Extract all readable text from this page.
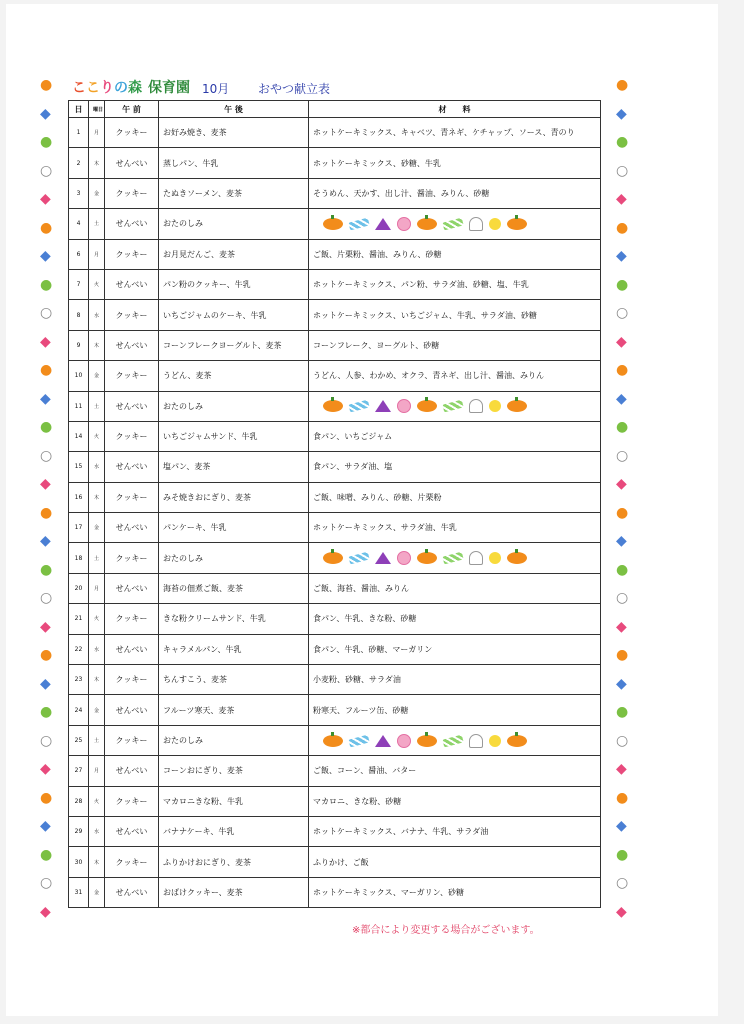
ここりの森 保育園 10月 おやつ献立表
日	曜日	午 前	午 後	材　　料
1	月	クッキー	お好み焼き、麦茶	ホットケーキミックス、キャベツ、青ネギ、ケチャップ、ソース、青のり
2	木	せんべい	蒸しパン、牛乳	ホットケーキミックス、砂糖、牛乳
3	金	クッキー	たぬきソーメン、麦茶	そうめん、天かす、出し汁、醤油、みりん、砂糖
4	土	せんべい	おたのしみ	

6	月	クッキー	お月見だんご、麦茶	ご飯、片栗粉、醤油、みりん、砂糖
7	火	せんべい	パン粉のクッキー、牛乳	ホットケーキミックス、パン粉、サラダ油、砂糖、塩、牛乳
8	水	クッキー	いちごジャムのケーキ、牛乳	ホットケーキミックス、いちごジャム、牛乳、サラダ油、砂糖
9	木	せんべい	コーンフレークヨーグルト、麦茶	コーンフレーク、ヨーグルト、砂糖
10	金	クッキー	うどん、麦茶	うどん、人参、わかめ、オクラ、青ネギ、出し汁、醤油、みりん
11	土	せんべい	おたのしみ	

14	火	クッキー	いちごジャムサンド、牛乳	食パン、いちごジャム
15	水	せんべい	塩パン、麦茶	食パン、サラダ油、塩
16	木	クッキー	みそ焼きおにぎり、麦茶	ご飯、味噌、みりん、砂糖、片栗粉
17	金	せんべい	パンケーキ、牛乳	ホットケーキミックス、サラダ油、牛乳
18	土	クッキー	おたのしみ	

20	月	せんべい	海苔の佃煮ご飯、麦茶	ご飯、海苔、醤油、みりん
21	火	クッキー	きな粉クリームサンド、牛乳	食パン、牛乳、きな粉、砂糖
22	水	せんべい	キャラメルパン、牛乳	食パン、牛乳、砂糖、マーガリン
23	木	クッキー	ちんすこう、麦茶	小麦粉、砂糖、サラダ油
24	金	せんべい	フルーツ寒天、麦茶	粉寒天、フルーツ缶、砂糖
25	土	クッキー	おたのしみ	

27	月	せんべい	コーンおにぎり、麦茶	ご飯、コーン、醤油、バター
28	火	クッキー	マカロニきな粉、牛乳	マカロニ、きな粉、砂糖
29	水	せんべい	バナナケーキ、牛乳	ホットケーキミックス、バナナ、牛乳、サラダ油
30	木	クッキー	ふりかけおにぎり、麦茶	ふりかけ、ご飯
31	金	せんべい	おばけクッキー、麦茶	ホットケーキミックス、マーガリン、砂糖
※都合により変更する場合がございます。
●	●
◆	◆
●	●
○	○
◆	◆
●	●
◆	◆
●	●
○	○
◆	◆
●	●
◆	◆
●	●
○	○
◆	◆
●	●
◆	◆
●	●
○	○
◆	◆
●	●
◆	◆
●	●
○	○
◆	◆
●	●
◆	◆
●	●
○	○
◆	◆
